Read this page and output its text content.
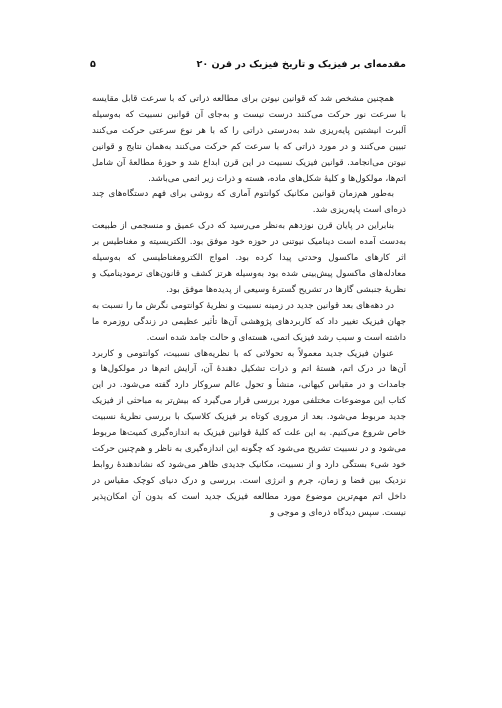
مقدمه‌ای بر فیزیک و تاریخ فیزیک در قرن ۲۰
۵

همچنین مشخص شد که قوانین نیوتن برای مطالعه ذراتی که با سرعت قابل مقایسه با سرعت نور حرکت می‌کنند درست نیست و به‌جای آن قوانین نسبیت که به‌وسیله آلبرت انیشتین پایه‌ریزی شد به‌درستی ذراتی را که با هر نوع سرعتی حرکت می‌کنند تبیین می‌کنند و در مورد ذراتی که با سرعت کم حرکت می‌کنند به‌همان نتایج و قوانین نیوتن می‌انجامد. قوانین فیزیک نسبیت در این قرن ابداع شد و حوزهٔ مطالعهٔ آن شامل اتم‌ها، مولکول‌ها و کلیهٔ شکل‌های ماده، هسته و ذرات زیر اتمی می‌باشد.

به‌طور هم‌زمان قوانین مکانیک کوانتوم آماری که روشی برای فهم دستگاه‌های چند ذره‌ای است پایه‌ریزی شد.

بنابراین در پایان قرن نوزدهم به‌نظر می‌رسید که درک عمیق و منسجمی از طبیعت به‌دست آمده است دینامیک نیوتنی در حوزه خود موفق بود. الکتریسیته و مغناطیس بر اثر کارهای ماکسول وحدتی پیدا کرده بود. امواج الکترومغناطیسی که به‌وسیله معادله‌های ماکسول پیش‌بینی شده بود به‌وسیله هرتز کشف و قانون‌های ترمودینامیک و نظریهٔ جنبشی گازها در تشریح گسترهٔ وسیعی از پدیده‌ها موفق بود.

در دهه‌های بعد قوانین جدید در زمینه نسبیت و نظریهٔ کوانتومی نگرش ما را نسبت به جهان فیزیک تغییر داد که کاربردهای پژوهشی آن‌ها تأثیر عظیمی در زندگی روزمره ما داشته است و سبب رشد فیزیک اتمی، هسته‌ای و حالت جامد شده است.

عنوان فیزیک جدید معمولاً به تحولاتی که با نظریه‌های نسبیت، کوانتومی و کاربرد آن‌ها در درک اتم، هستهٔ اتم و ذرات تشکیل دهندهٔ آن، آرایش اتم‌ها در مولکول‌ها و جامدات و در مقیاس کیهانی، منشأ و تحول عالم سروکار دارد گفته می‌شود. در این کتاب این موضوعات مختلفی مورد بررسی قرار می‌گیرد که بیش‌تر به مباحثی از فیزیک جدید مربوط می‌شود. بعد از مروری کوتاه بر فیزیک کلاسیک با بررسی نظریهٔ نسبیت خاص شروع می‌کنیم. به این علت که کلیهٔ قوانین فیزیک به اندازه‌گیری کمیت‌ها مربوط می‌شود و در نسبیت تشریح می‌شود که چگونه این اندازه‌گیری به ناظر و هم‌چنین حرکت خود شیء بستگی دارد و از نسبیت، مکانیک جدیدی ظاهر می‌شود که نشاندهندهٔ روابط نزدیک بین فضا و زمان، جرم و انرژی است. بررسی و درک دنیای کوچک مقیاس در داخل اتم مهم‌ترین موضوع مورد مطالعه فیزیک جدید است که بدون آن امکان‌پذیر نیست. سپس دیدگاه ذره‌ای و موجی و
